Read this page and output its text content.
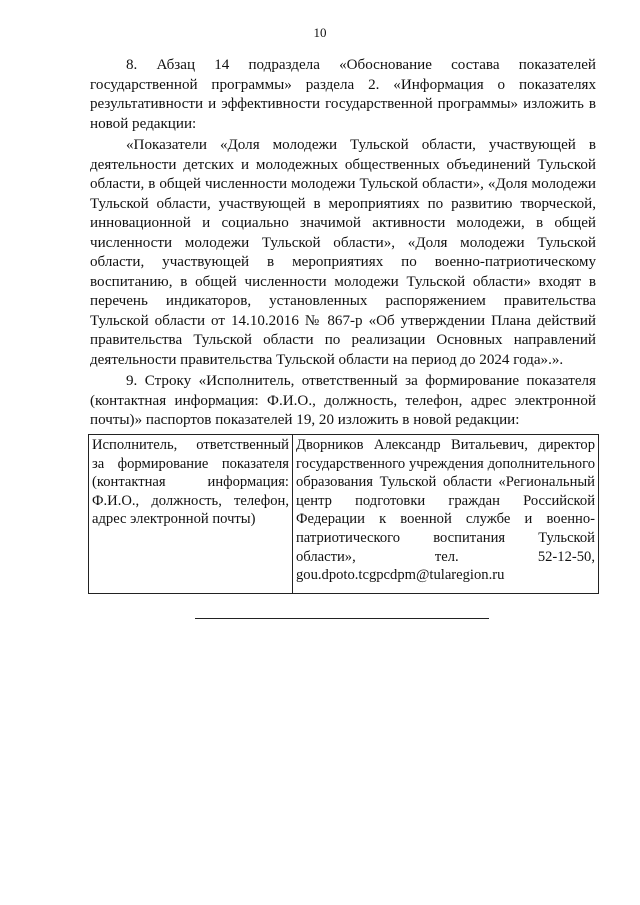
10

8. Абзац 14 подраздела «Обоснование состава показателей государственной программы» раздела 2. «Информация о показателях результативности и эффективности государственной программы» изложить в новой редакции:

«Показатели «Доля молодежи Тульской области, участвующей в деятельности детских и молодежных общественных объединений Тульской области, в общей численности молодежи Тульской области», «Доля молодежи Тульской области, участвующей в мероприятиях по развитию творческой, инновационной и социально значимой активности молодежи, в общей численности молодежи Тульской области», «Доля молодежи Тульской области, участвующей в мероприятиях по военно-патриотическому воспитанию, в общей численности молодежи Тульской области» входят в перечень индикаторов, установленных распоряжением правительства Тульской области от 14.10.2016 № 867-р «Об утверждении Плана действий правительства Тульской области по реализации Основных направлений деятельности правительства Тульской области на период до 2024 года».».

9. Строку «Исполнитель, ответственный за формирование показателя (контактная информация: Ф.И.О., должность, телефон, адрес электронной почты)» паспортов показателей 19, 20 изложить в новой редакции:

Исполнитель, ответственный за формирование показателя (контактная информация: Ф.И.О., должность, телефон, адрес электронной почты)	Дворников Александр Витальевич, директор государственного учреждения дополнительного образования Тульской области «Региональный центр подготовки граждан Российской Федерации к военной службе и военно-патриотического воспитания Тульской области», тел. 52-12-50, gou.dpoto.tcgpcdpm@tularegion.ru
